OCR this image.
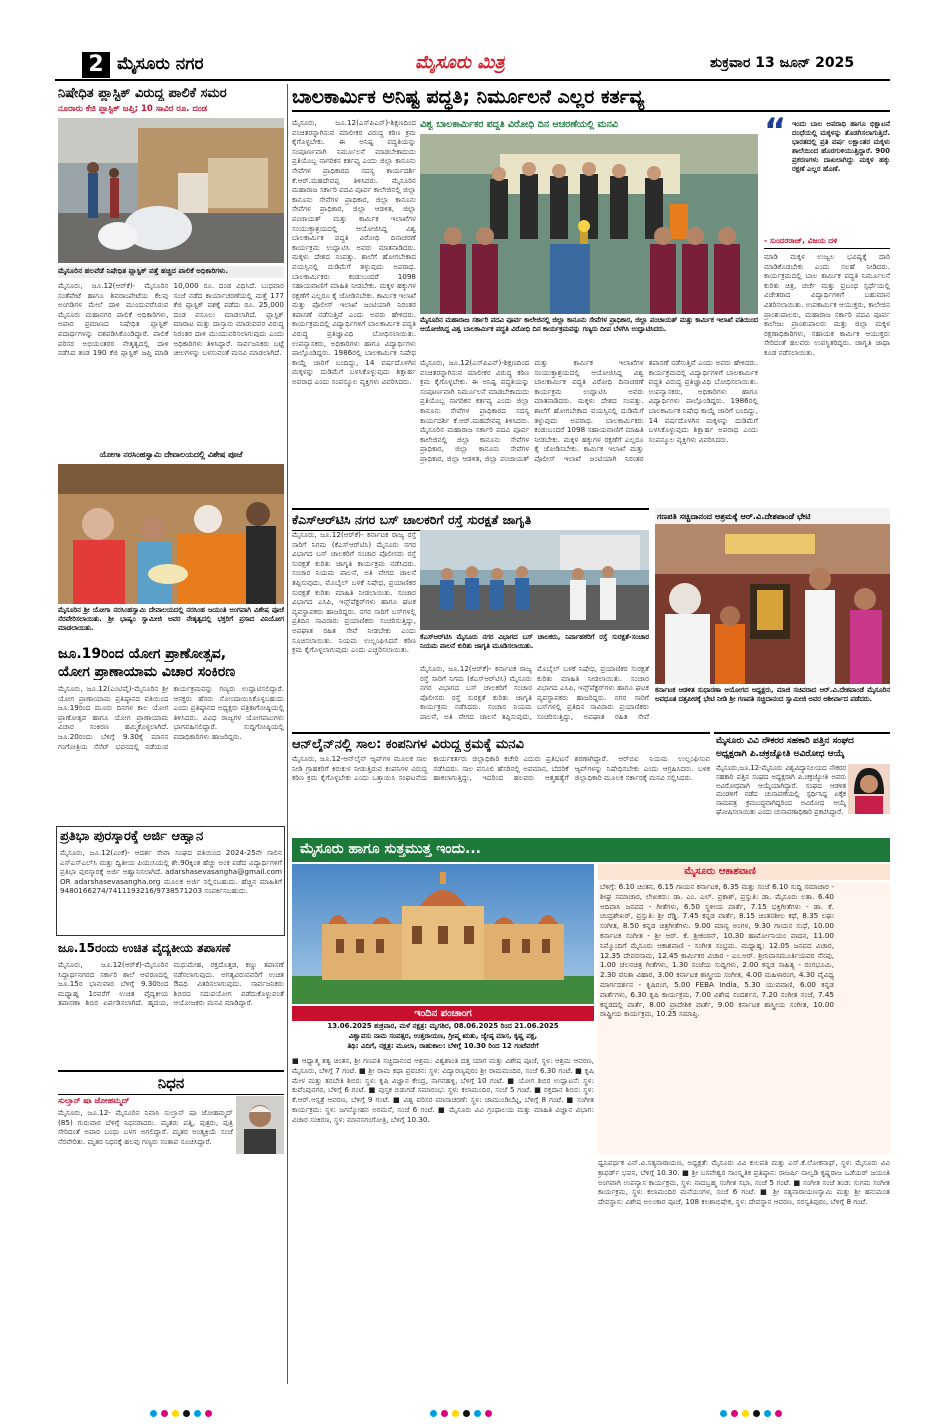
ಪುಟ 2 ಮೈಸೂರು ನಗರ	ಮೈಸೂರು ಮಿತ್ರ	ಶುಕ್ರವಾರ 13 ಜೂನ್ 2025
ನಿಷೇಧಿತ ಪ್ಲಾಸ್ಟಿಕ್ ವಿರುದ್ಧ ಪಾಲಿಕೆ ಸಮರ
ನೂರಾರು ಕೆಜಿ ಪ್ಲಾಸ್ಟಿಕ್ ಜಪ್ತಿ; 10 ಸಾವಿರ ರೂ. ದಂಡ
ಮೈಸೂರಿನ ಹಲವೆಡೆ ನಿಷೇಧಿತ ಪ್ಲಾಸ್ಟಿಕ್ ಪತ್ತೆ ಹಚ್ಚಿದ ಪಾಲಿಕೆ ಅಧಿಕಾರಿಗಳು.
ಮೈಸೂರು, ಜೂ.12(ಆರ್‌ಕೆ)- ಮೈಸೂರಿನ ಸಂತೆಪೇಟೆ ಹಾಗೂ ಶಿವರಾಂಪೇಟೆಯ ಕೆಲವು ಅಂಗಡಿಗಳ ಮೇಲೆ ದಾಳಿ ಮುಂದುವರೆಸಿರುವ ಮೈಸೂರು ಮಹಾನಗರ ಪಾಲಿಕೆ ಅಧಿಕಾರಿಗಳು, ಅಪಾರ ಪ್ರಮಾಣದ ನಿಷೇಧಿತ ಪ್ಲಾಸ್ಟಿಕ್ ಪದಾರ್ಥಗಳನ್ನು ವಶಪಡಿಸಿಕೊಂಡಿದ್ದಾರೆ. ಪಾಲಿಕೆ ಪರಿಸರ ಅಭಿಯಂತರರ ನೇತೃತ್ವದಲ್ಲಿ ದಾಳಿ ನಡೆಸಿದ ತಂಡ 190 ಕೆಜಿ ಪ್ಲಾಸ್ಟಿಕ್ ಜಪ್ತಿ ಮಾಡಿ 10,000 ರೂ. ದಂಡ ವಿಧಿಸಿದೆ. ಬುಧವಾರ ಸಂಜೆ ನಡೆದ ಕಾರ್ಯಾಚರಣೆಯಲ್ಲಿ ಮತ್ತೆ 177 ಕೆಜಿ ಪ್ಲಾಸ್ಟಿಕ್ ವಶಕ್ಕೆ ಪಡೆದು ರೂ. 25,000 ದಂಡ ವಸೂಲು ಮಾಡಲಾಗಿದೆ. ಪ್ಲಾಸ್ಟಿಕ್ ಮಾರಾಟ ಮತ್ತು ದಾಸ್ತಾನು ಮಾಡುವವರ ವಿರುದ್ಧ ನಿರಂತರ ದಾಳಿ ಮುಂದುವರಿಸಲಾಗುವುದು ಎಂದು ಅಧಿಕಾರಿಗಳು ತಿಳಿಸಿದ್ದಾರೆ. ಸಾರ್ವಜನಿಕರು ಬಟ್ಟೆ ಚೀಲಗಳನ್ನು ಬಳಸುವಂತೆ ಮನವಿ ಮಾಡಲಾಗಿದೆ.
ಯೋಗಾ ನರಸಿಂಹಸ್ವಾಮಿ ದೇವಾಲಯದಲ್ಲಿ ವಿಶೇಷ ಪೂಜೆ
ಮೈಸೂರಿನ ಶ್ರೀ ಯೋಗಾ ನರಸಿಂಹಸ್ವಾಮಿ ದೇವಾಲಯದಲ್ಲಿ ನರಸಿಂಹ ಜಯಂತಿ ಅಂಗವಾಗಿ ವಿಶೇಷ ಪೂಜೆ ನೆರವೇರಿಸಲಾಯಿತು. ಶ್ರೀ ಭಾಷ್ಯಂ ಸ್ವಾಮೀಜಿ ಅವರ ನೇತೃತ್ವದಲ್ಲಿ ಭಕ್ತರಿಗೆ ಪ್ರಸಾದ ವಿನಿಯೋಗ ಮಾಡಲಾಯಿತು.
ಜೂ.19ರಿಂದ ಯೋಗ ಪ್ರಾಣೋತ್ಸವ,
ಯೋಗ ಪ್ರಾಣಾಯಾಮ ವಿಚಾರ ಸಂಕಿರಣ
ಮೈಸೂರು, ಜೂ.12(ಎಂಟಿವೈ)-ಮೈಸೂರಿನ ಶ್ರೀ ಯೋಗ ಪ್ರಾಣಾಯಾಮ ಪ್ರತಿಷ್ಠಾನದ ವತಿಯಿಂದ ಜೂ.19ರಿಂದ ಮೂರು ದಿನಗಳ ಕಾಲ ಯೋಗ ಪ್ರಾಣೋತ್ಸವ ಹಾಗೂ ಯೋಗ ಪ್ರಾಣಾಯಾಮ ವಿಚಾರ ಸಂಕಿರಣ ಹಮ್ಮಿಕೊಳ್ಳಲಾಗಿದೆ. ಜೂ.20ರಂದು ಬೆಳಿಗ್ಗೆ 9.30ಕ್ಕೆ ಮಾನಸ ಗಂಗೋತ್ರಿಯ ಸೆನೆಟ್ ಭವನದಲ್ಲಿ ನಡೆಯುವ ಕಾರ್ಯಕ್ರಮವನ್ನು ಗಣ್ಯರು ಉದ್ಘಾಟಿಸಲಿದ್ದಾರೆ. ಆಸಕ್ತರು ಹೆಸರು ನೋಂದಾಯಿಸಿಕೊಳ್ಳಬಹುದು ಎಂದು ಪ್ರತಿಷ್ಠಾನದ ಅಧ್ಯಕ್ಷರು ಪತ್ರಿಕಾಗೋಷ್ಠಿಯಲ್ಲಿ ತಿಳಿಸಿದರು. ವಿವಿಧ ರಾಜ್ಯಗಳ ಯೋಗಪಟುಗಳು ಭಾಗವಹಿಸಲಿದ್ದಾರೆ. ಸುದ್ದಿಗೋಷ್ಠಿಯಲ್ಲಿ ಪದಾಧಿಕಾರಿಗಳು ಹಾಜರಿದ್ದರು.
ಪ್ರತಿಭಾ ಪುರಸ್ಕಾರಕ್ಕೆ ಅರ್ಜಿ ಆಹ್ವಾನ
ಮೈಸೂರು, ಜೂ.12(ಎಂಕೆ)- ಆದರ್ಶ ಸೇವಾ ಸಂಘದ ವತಿಯಿಂದ 2024-25ನೇ ಸಾಲಿನ ಎಸ್‌ಎಸ್‌ಎಲ್‌ಸಿ ಮತ್ತು ದ್ವಿತೀಯ ಪಿಯುಸಿಯಲ್ಲಿ ಶೇ.90ಕ್ಕಿಂತ ಹೆಚ್ಚು ಅಂಕ ಪಡೆದ ವಿದ್ಯಾರ್ಥಿಗಳಿಗೆ ಪ್ರತಿಭಾ ಪುರಸ್ಕಾರಕ್ಕೆ ಅರ್ಜಿ ಆಹ್ವಾನಿಸಲಾಗಿದೆ. adarshasevasangha@gmail.com OR adarshasevasangha.org ಮೂಲಕ ಅರ್ಜಿ ಸಲ್ಲಿಸಬಹುದು. ಹೆಚ್ಚಿನ ಮಾಹಿತಿಗೆ 9480166274/7411193216/9738571203 ಸಂಪರ್ಕಿಸಬಹುದು.
ಜೂ.15ರಂದು ಉಚಿತ ವೈದ್ಯಕೀಯ ತಪಾಸಣೆ
ಮೈಸೂರು, ಜೂ.12(ಆರ್‌ಕೆ)-ಮೈಸೂರಿನ ಸಿದ್ದಾರ್ಥನಗರದ ಸರ್ಕಾರಿ ಶಾಲೆ ಆವರಣದಲ್ಲಿ ಜೂ.15ರ ಭಾನುವಾರ ಬೆಳಿಗ್ಗೆ 9.30ರಿಂದ ಮಧ್ಯಾಹ್ನ 1ರವರೆಗೆ ಉಚಿತ ವೈದ್ಯಕೀಯ ತಪಾಸಣಾ ಶಿಬಿರ ಏರ್ಪಡಿಸಲಾಗಿದೆ. ಹೃದಯ, ಮಧುಮೇಹ, ರಕ್ತದೊತ್ತಡ, ಕಣ್ಣು ತಪಾಸಣೆ ನಡೆಸಲಾಗುವುದು. ಅಗತ್ಯವಿರುವವರಿಗೆ ಉಚಿತ ಔಷಧಿ ವಿತರಿಸಲಾಗುವುದು. ಸಾರ್ವಜನಿಕರು ಶಿಬಿರದ ಸದುಪಯೋಗ ಪಡೆದುಕೊಳ್ಳುವಂತೆ ಆಯೋಜಕರು ಮನವಿ ಮಾಡಿದ್ದಾರೆ.
ನಿಧನ
ಸುಲ್ತಾನ್ ಷಾ ಜೋಹಮ್ಮದ್
ಮೈಸೂರು, ಜೂ.12- ಮೈಸೂರಿನ ನಿವಾಸಿ ಸುಲ್ತಾನ್ ಷಾ ಜೋಹಮ್ಮದ್ (85) ಗುರುವಾರ ಬೆಳಿಗ್ಗೆ ನಿಧನರಾದರು. ಮೃತರು ಪತ್ನಿ, ಪುತ್ರರು, ಪುತ್ರಿ ಸೇರಿದಂತೆ ಅಪಾರ ಬಂಧು ಬಳಗ ಅಗಲಿದ್ದಾರೆ. ಮೃತರ ಅಂತ್ಯಕ್ರಿಯೆ ಸಂಜೆ ನೆರವೇರಿತು. ಮೃತರ ನಿಧನಕ್ಕೆ ಹಲವು ಗಣ್ಯರು ಸಂತಾಪ ಸೂಚಿಸಿದ್ದಾರೆ.
ಬಾಲಕಾರ್ಮಿಕ ಅನಿಷ್ಟ ಪದ್ಧತಿ; ನಿರ್ಮೂಲನೆ ಎಲ್ಲರ ಕರ್ತವ್ಯ
ಮೈಸೂರು, ಜೂ.12(ಎಸ್‌ಪಿಎನ್)-ಶಿಕ್ಷಣದಿಂದ ವಂಚಿತರನ್ನಾಗಿಸುವ ಮಾಲೀಕರ ವಿರುದ್ಧ ಕಠಿಣ ಕ್ರಮ ಕೈಗೊಳ್ಳಬೇಕು. ಈ ಅನಿಷ್ಟ ಪದ್ಧತಿಯನ್ನು ಸಂಪೂರ್ಣವಾಗಿ ನಿರ್ಮೂಲನೆ ಮಾಡಬೇಕಾದುದು ಪ್ರತಿಯೊಬ್ಬ ನಾಗರಿಕನ ಕರ್ತವ್ಯ ಎಂದು ಜಿಲ್ಲಾ ಕಾನೂನು ಸೇವೆಗಳ ಪ್ರಾಧಿಕಾರದ ಸದಸ್ಯ ಕಾರ್ಯದರ್ಶಿ ಕೆ.ಆರ್.ಮಹದೇವಪ್ಪ ತಿಳಿಸಿದರು. ಮೈಸೂರಿನ ಮಹಾರಾಜ ಸರ್ಕಾರಿ ಪದವಿ ಪೂರ್ವ ಕಾಲೇಜಿನಲ್ಲಿ ಜಿಲ್ಲಾ ಕಾನೂನು ಸೇವೆಗಳ ಪ್ರಾಧಿಕಾರ, ಜಿಲ್ಲಾ ಕಾನೂನು ಸೇವೆಗಳ ಪ್ರಾಧಿಕಾರ, ಜಿಲ್ಲಾ ಆಡಳಿತ, ಜಿಲ್ಲಾ ಪಂಚಾಯತ್ ಮತ್ತು ಕಾರ್ಮಿಕ ಇಲಾಖೆಗಳ ಸಂಯುಕ್ತಾಶ್ರಯದಲ್ಲಿ ಆಯೋಜಿಸಿದ್ದ ವಿಶ್ವ ಬಾಲಕಾರ್ಮಿಕ ಪದ್ಧತಿ ವಿರೋಧಿ ದಿನಾಚರಣೆ ಕಾರ್ಯಕ್ರಮ ಉದ್ಘಾಟಿಸಿ ಅವರು ಮಾತನಾಡಿದರು. ಮಕ್ಕಳು ದೇಶದ ಸಂಪತ್ತು. ಶಾಲೆಗೆ ಹೋಗಬೇಕಾದ ವಯಸ್ಸಿನಲ್ಲಿ ದುಡಿಮೆಗೆ ತಳ್ಳುವುದು ಅಪರಾಧ. ಬಾಲಕಾರ್ಮಿಕರು ಕಂಡುಬಂದರೆ 1098 ಸಹಾಯವಾಣಿಗೆ ಮಾಹಿತಿ ನೀಡಬೇಕು. ಮಕ್ಕಳ ಹಕ್ಕುಗಳ ರಕ್ಷಣೆಗೆ ಎಲ್ಲರೂ ಕೈ ಜೋಡಿಸಬೇಕು. ಕಾರ್ಮಿಕ ಇಲಾಖೆ ಮತ್ತು ಪೊಲೀಸ್ ಇಲಾಖೆ ಜಂಟಿಯಾಗಿ ನಿರಂತರ ತಪಾಸಣೆ ನಡೆಸುತ್ತಿವೆ ಎಂದು ಅವರು ಹೇಳಿದರು. ಕಾರ್ಯಕ್ರಮದಲ್ಲಿ ವಿದ್ಯಾರ್ಥಿಗಳಿಗೆ ಬಾಲಕಾರ್ಮಿಕ ಪದ್ಧತಿ ವಿರುದ್ಧ ಪ್ರತಿಜ್ಞಾವಿಧಿ ಬೋಧಿಸಲಾಯಿತು. ಉಪನ್ಯಾಸಕರು, ಅಧಿಕಾರಿಗಳು ಹಾಗೂ ವಿದ್ಯಾರ್ಥಿಗಳು ಪಾಲ್ಗೊಂಡಿದ್ದರು. 1986ರಲ್ಲಿ ಬಾಲಕಾರ್ಮಿಕ ನಿಷೇಧ ಕಾಯ್ದೆ ಜಾರಿಗೆ ಬಂದಿದ್ದು, 14 ವರ್ಷದೊಳಗಿನ ಮಕ್ಕಳನ್ನು ದುಡಿಮೆಗೆ ಬಳಸಿಕೊಳ್ಳುವುದು ಶಿಕ್ಷಾರ್ಹ ಅಪರಾಧ ಎಂದು ಸಂಪನ್ಮೂಲ ವ್ಯಕ್ತಿಗಳು ವಿವರಿಸಿದರು.
ವಿಶ್ವ ಬಾಲಕಾರ್ಮಿಕರ ಪದ್ಧತಿ ವಿರೋಧಿ ದಿನ ಆಚರಣೆಯಲ್ಲಿ ಮನವಿ
ಮೈಸೂರಿನ ಮಹಾರಾಜ ಸರ್ಕಾರಿ ಪದವಿ ಪೂರ್ವ ಕಾಲೇಜಿನಲ್ಲಿ ಜಿಲ್ಲಾ ಕಾನೂನು ಸೇವೆಗಳ ಪ್ರಾಧಿಕಾರ, ಜಿಲ್ಲಾ ಪಂಚಾಯತ್ ಮತ್ತು ಕಾರ್ಮಿಕ ಇಲಾಖೆ ವತಿಯಿಂದ ಆಯೋಜಿಸಿದ್ದ ವಿಶ್ವ ಬಾಲಕಾರ್ಮಿಕ ಪದ್ಧತಿ ವಿರೋಧಿ ದಿನ ಕಾರ್ಯಕ್ರಮವನ್ನು ಗಣ್ಯರು ದೀಪ ಬೆಳಗಿಸಿ ಉದ್ಘಾಟಿಸಿದರು.
ಮೈಸೂರು, ಜೂ.12(ಎಸ್‌ಪಿಎನ್)-ಶಿಕ್ಷಣದಿಂದ ವಂಚಿತರನ್ನಾಗಿಸುವ ಮಾಲೀಕರ ವಿರುದ್ಧ ಕಠಿಣ ಕ್ರಮ ಕೈಗೊಳ್ಳಬೇಕು. ಈ ಅನಿಷ್ಟ ಪದ್ಧತಿಯನ್ನು ಸಂಪೂರ್ಣವಾಗಿ ನಿರ್ಮೂಲನೆ ಮಾಡಬೇಕಾದುದು ಪ್ರತಿಯೊಬ್ಬ ನಾಗರಿಕನ ಕರ್ತವ್ಯ ಎಂದು ಜಿಲ್ಲಾ ಕಾನೂನು ಸೇವೆಗಳ ಪ್ರಾಧಿಕಾರದ ಸದಸ್ಯ ಕಾರ್ಯದರ್ಶಿ ಕೆ.ಆರ್.ಮಹದೇವಪ್ಪ ತಿಳಿಸಿದರು. ಮೈಸೂರಿನ ಮಹಾರಾಜ ಸರ್ಕಾರಿ ಪದವಿ ಪೂರ್ವ ಕಾಲೇಜಿನಲ್ಲಿ ಜಿಲ್ಲಾ ಕಾನೂನು ಸೇವೆಗಳ ಪ್ರಾಧಿಕಾರ, ಜಿಲ್ಲಾ ಕಾನೂನು ಸೇವೆಗಳ ಪ್ರಾಧಿಕಾರ, ಜಿಲ್ಲಾ ಆಡಳಿತ, ಜಿಲ್ಲಾ ಪಂಚಾಯತ್ ಮತ್ತು ಕಾರ್ಮಿಕ ಇಲಾಖೆಗಳ ಸಂಯುಕ್ತಾಶ್ರಯದಲ್ಲಿ ಆಯೋಜಿಸಿದ್ದ ವಿಶ್ವ ಬಾಲಕಾರ್ಮಿಕ ಪದ್ಧತಿ ವಿರೋಧಿ ದಿನಾಚರಣೆ ಕಾರ್ಯಕ್ರಮ ಉದ್ಘಾಟಿಸಿ ಅವರು ಮಾತನಾಡಿದರು. ಮಕ್ಕಳು ದೇಶದ ಸಂಪತ್ತು. ಶಾಲೆಗೆ ಹೋಗಬೇಕಾದ ವಯಸ್ಸಿನಲ್ಲಿ ದುಡಿಮೆಗೆ ತಳ್ಳುವುದು ಅಪರಾಧ. ಬಾಲಕಾರ್ಮಿಕರು ಕಂಡುಬಂದರೆ 1098 ಸಹಾಯವಾಣಿಗೆ ಮಾಹಿತಿ ನೀಡಬೇಕು. ಮಕ್ಕಳ ಹಕ್ಕುಗಳ ರಕ್ಷಣೆಗೆ ಎಲ್ಲರೂ ಕೈ ಜೋಡಿಸಬೇಕು. ಕಾರ್ಮಿಕ ಇಲಾಖೆ ಮತ್ತು ಪೊಲೀಸ್ ಇಲಾಖೆ ಜಂಟಿಯಾಗಿ ನಿರಂತರ ತಪಾಸಣೆ ನಡೆಸುತ್ತಿವೆ ಎಂದು ಅವರು ಹೇಳಿದರು. ಕಾರ್ಯಕ್ರಮದಲ್ಲಿ ವಿದ್ಯಾರ್ಥಿಗಳಿಗೆ ಬಾಲಕಾರ್ಮಿಕ ಪದ್ಧತಿ ವಿರುದ್ಧ ಪ್ರತಿಜ್ಞಾವಿಧಿ ಬೋಧಿಸಲಾಯಿತು. ಉಪನ್ಯಾಸಕರು, ಅಧಿಕಾರಿಗಳು ಹಾಗೂ ವಿದ್ಯಾರ್ಥಿಗಳು ಪಾಲ್ಗೊಂಡಿದ್ದರು. 1986ರಲ್ಲಿ ಬಾಲಕಾರ್ಮಿಕ ನಿಷೇಧ ಕಾಯ್ದೆ ಜಾರಿಗೆ ಬಂದಿದ್ದು, 14 ವರ್ಷದೊಳಗಿನ ಮಕ್ಕಳನ್ನು ದುಡಿಮೆಗೆ ಬಳಸಿಕೊಳ್ಳುವುದು ಶಿಕ್ಷಾರ್ಹ ಅಪರಾಧ ಎಂದು ಸಂಪನ್ಮೂಲ ವ್ಯಕ್ತಿಗಳು ವಿವರಿಸಿದರು.
“ ಇಂದು ಬಾಲ ಅಪರಾಧಿ ಹಾಗೂ ಭಿಕ್ಷಾಟನೆ ದಂಧೆಯಲ್ಲಿ ಮಕ್ಕಳನ್ನು ತೊಡಗಿಸಲಾಗುತ್ತಿದೆ. ಭಾರತದಲ್ಲಿ ಪ್ರತಿ ವರ್ಷ ಲಕ್ಷಾಂತರ ಮಕ್ಕಳು ಶಾಲೆಯಿಂದ ಹೊರಗುಳಿಯುತ್ತಿದ್ದಾರೆ. 900 ಪ್ರಕರಣಗಳು ದಾಖಲಾಗಿದ್ದು ಮಕ್ಕಳ ಹಕ್ಕು ರಕ್ಷಣೆ ಎಲ್ಲರ ಹೊಣೆ.
- ಸುಂದರರಾಜ್, ವಿಜಯ ದಳಿ
ಮಾಡಿ ಮಕ್ಕಳ ಉಜ್ವಲ ಭವಿಷ್ಯಕ್ಕೆ ದಾರಿ ಮಾಡಿಕೊಡಬೇಕು ಎಂದು ಸಲಹೆ ನೀಡಿದರು. ಕಾರ್ಯಕ್ರಮದಲ್ಲಿ ಬಾಲ ಕಾರ್ಮಿಕ ಪದ್ಧತಿ ನಿರ್ಮೂಲನೆ ಕುರಿತು ಚಿತ್ರ, ಚರ್ಚೆ ಮತ್ತು ಪ್ರಬಂಧ ಸ್ಪರ್ಧೆಯಲ್ಲಿ ವಿಜೇತರಾದ ವಿದ್ಯಾರ್ಥಿಗಳಿಗೆ ಬಹುಮಾನ ವಿತರಿಸಲಾಯಿತು. ಉಪಕಾರ್ಮಿಕ ಆಯುಕ್ತರು, ಕಾಲೇಜಿನ ಪ್ರಾಂಶುಪಾಲರು, ಮಹಾರಾಜ ಸರ್ಕಾರಿ ಪದವಿ ಪೂರ್ವ ಕಾಲೇಜು ಪ್ರಾಂಶುಪಾಲರು ಮತ್ತು ಜಿಲ್ಲಾ ಮಕ್ಕಳ ರಕ್ಷಣಾಧಿಕಾರಿಗಳು, ಸಹಾಯಕ ಕಾರ್ಮಿಕ ಆಯುಕ್ತರು ಸೇರಿದಂತೆ ಹಲವರು ಉಪಸ್ಥಿತರಿದ್ದರು. ಜಾಗೃತಿ ಜಾಥಾ ಕೂಡ ನಡೆಸಲಾಯಿತು.
ಕೆಎಸ್‌ಆರ್‌ಟಿಸಿ ನಗರ ಬಸ್ ಚಾಲಕರಿಗೆ ರಸ್ತೆ ಸುರಕ್ಷತೆ ಜಾಗೃತಿ
ಮೈಸೂರು, ಜೂ.12(ಆರ್‌ಕೆ)- ಕರ್ನಾಟಕ ರಾಜ್ಯ ರಸ್ತೆ ಸಾರಿಗೆ ನಿಗಮ (ಕೆಎಸ್‌ಆರ್‌ಟಿಸಿ) ಮೈಸೂರು ನಗರ ವಿಭಾಗದ ಬಸ್ ಚಾಲಕರಿಗೆ ಸಂಚಾರ ಪೊಲೀಸರು ರಸ್ತೆ ಸುರಕ್ಷತೆ ಕುರಿತು ಜಾಗೃತಿ ಕಾರ್ಯಕ್ರಮ ನಡೆಸಿದರು. ಸಂಚಾರ ನಿಯಮ ಪಾಲನೆ, ಅತಿ ವೇಗದ ಚಾಲನೆ ತಪ್ಪಿಸುವುದು, ಮೊಬೈಲ್ ಬಳಕೆ ನಿಷೇಧ, ಪ್ರಯಾಣಿಕರ ಸುರಕ್ಷತೆ ಕುರಿತು ಮಾಹಿತಿ ನೀಡಲಾಯಿತು. ಸಂಚಾರ ವಿಭಾಗದ ಎಸಿಪಿ, ಇನ್ಸ್‌ಪೆಕ್ಟರ್‌ಗಳು ಹಾಗೂ ಘಟಕ ವ್ಯವಸ್ಥಾಪಕರು ಹಾಜರಿದ್ದರು. ನಗರ ಸಾರಿಗೆ ಬಸ್‌ಗಳಲ್ಲಿ ಪ್ರತಿದಿನ ಸಾವಿರಾರು ಪ್ರಯಾಣಿಕರು ಸಂಚರಿಸುತ್ತಿದ್ದು, ಅಪಘಾತ ರಹಿತ ಸೇವೆ ನೀಡಬೇಕು ಎಂದು ಸೂಚಿಸಲಾಯಿತು. ನಿಯಮ ಉಲ್ಲಂಘಿಸಿದರೆ ಕಠಿಣ ಕ್ರಮ ಕೈಗೊಳ್ಳಲಾಗುವುದು ಎಂದು ಎಚ್ಚರಿಸಲಾಯಿತು.
ಕೆಎಸ್‌ಆರ್‌ಟಿಸಿ ಮೈಸೂರು ನಗರ ವಿಭಾಗದ ಬಸ್ ಚಾಲಕರು, ನಿರ್ವಾಹಕರಿಗೆ ರಸ್ತೆ ಸುರಕ್ಷತೆ-ಸಂಚಾರ ನಿಯಮ ಪಾಲನೆ ಕುರಿತು ಜಾಗೃತಿ ಮೂಡಿಸಲಾಯಿತು.
ಮೈಸೂರು, ಜೂ.12(ಆರ್‌ಕೆ)- ಕರ್ನಾಟಕ ರಾಜ್ಯ ರಸ್ತೆ ಸಾರಿಗೆ ನಿಗಮ (ಕೆಎಸ್‌ಆರ್‌ಟಿಸಿ) ಮೈಸೂರು ನಗರ ವಿಭಾಗದ ಬಸ್ ಚಾಲಕರಿಗೆ ಸಂಚಾರ ಪೊಲೀಸರು ರಸ್ತೆ ಸುರಕ್ಷತೆ ಕುರಿತು ಜಾಗೃತಿ ಕಾರ್ಯಕ್ರಮ ನಡೆಸಿದರು. ಸಂಚಾರ ನಿಯಮ ಪಾಲನೆ, ಅತಿ ವೇಗದ ಚಾಲನೆ ತಪ್ಪಿಸುವುದು, ಮೊಬೈಲ್ ಬಳಕೆ ನಿಷೇಧ, ಪ್ರಯಾಣಿಕರ ಸುರಕ್ಷತೆ ಕುರಿತು ಮಾಹಿತಿ ನೀಡಲಾಯಿತು. ಸಂಚಾರ ವಿಭಾಗದ ಎಸಿಪಿ, ಇನ್ಸ್‌ಪೆಕ್ಟರ್‌ಗಳು ಹಾಗೂ ಘಟಕ ವ್ಯವಸ್ಥಾಪಕರು ಹಾಜರಿದ್ದರು. ನಗರ ಸಾರಿಗೆ ಬಸ್‌ಗಳಲ್ಲಿ ಪ್ರತಿದಿನ ಸಾವಿರಾರು ಪ್ರಯಾಣಿಕರು ಸಂಚರಿಸುತ್ತಿದ್ದು, ಅಪಘಾತ ರಹಿತ ಸೇವೆ
ಗಣಪತಿ ಸಚ್ಚಿದಾನಂದ ಆಶ್ರಮಕ್ಕೆ ಆರ್.ವಿ.ದೇಶಪಾಂಡೆ ಭೇಟಿ
ಕರ್ನಾಟಕ ಆಡಳಿತ ಸುಧಾರಣಾ ಆಯೋಗದ ಅಧ್ಯಕ್ಷರು, ಮಾಜಿ ಸಚಿವರಾದ ಆರ್.ವಿ.ದೇಶಪಾಂಡೆ ಮೈಸೂರಿನ ಅವಧೂತ ದತ್ತಪೀಠಕ್ಕೆ ಭೇಟಿ ನೀಡಿ ಶ್ರೀ ಗಣಪತಿ ಸಚ್ಚಿದಾನಂದ ಸ್ವಾಮೀಜಿ ಅವರ ಆಶೀರ್ವಾದ ಪಡೆದರು.
ಆನ್‌ಲೈನ್‌ನಲ್ಲಿ ಸಾಲ: ಕಂಪನಿಗಳ ವಿರುದ್ಧ ಕ್ರಮಕ್ಕೆ ಮನವಿ
ಮೈಸೂರು, ಜೂ.12-ಆನ್‌ಲೈನ್ ಆ್ಯಪ್‌ಗಳ ಮೂಲಕ ಸಾಲ ನೀಡಿ ಗ್ರಾಹಕರಿಗೆ ಕಿರುಕುಳ ನೀಡುತ್ತಿರುವ ಕಂಪನಿಗಳ ವಿರುದ್ಧ ಕಠಿಣ ಕ್ರಮ ಕೈಗೊಳ್ಳಬೇಕು ಎಂದು ಒತ್ತಾಯಿಸಿ ಸಂಘಟನೆಯ ಕಾರ್ಯಕರ್ತರು ಜಿಲ್ಲಾಧಿಕಾರಿ ಕಚೇರಿ ಎದುರು ಪ್ರತಿಭಟನೆ ನಡೆಸಿದರು. ಸಾಲ ವಸೂಲಿ ಹೆಸರಿನಲ್ಲಿ ಅವಮಾನ, ಬೆದರಿಕೆ ಹಾಕಲಾಗುತ್ತಿದ್ದು, ಇದರಿಂದ ಹಲವರು ಆತ್ಮಹತ್ಯೆಗೆ ಶರಣಾಗಿದ್ದಾರೆ. ಆರ್‌ಬಿಐ ನಿಯಮ ಉಲ್ಲಂಘಿಸುವ ಆ್ಯಪ್‌ಗಳನ್ನು ನಿಷೇಧಿಸಬೇಕು ಎಂದು ಆಗ್ರಹಿಸಿದರು. ಬಳಿಕ ಜಿಲ್ಲಾಧಿಕಾರಿ ಮೂಲಕ ಸರ್ಕಾರಕ್ಕೆ ಮನವಿ ಸಲ್ಲಿಸಿದರು.
ಮೈಸೂರು ವಿವಿ ನೌಕರರ ಸಹಕಾರಿ ಪತ್ತಿನ ಸಂಘದ
ಅಧ್ಯಕ್ಷರಾಗಿ ಪಿ.ಚಕ್ರಜ್ಯೋತಿ ಅವಿರೋಧ ಆಯ್ಕೆ
ಮೈಸೂರು,ಜೂ.12-ಮೈಸೂರು ವಿಶ್ವವಿದ್ಯಾನಿಲಯದ ನೌಕರರ ಸಹಕಾರಿ ಪತ್ತಿನ ಸಂಘದ ಅಧ್ಯಕ್ಷರಾಗಿ ಪಿ.ಚಕ್ರಜ್ಯೋತಿ ಅವರು ಅವಿರೋಧವಾಗಿ ಆಯ್ಕೆಯಾಗಿದ್ದಾರೆ. ಸಂಘದ ಆಡಳಿತ ಮಂಡಳಿಗೆ ನಡೆದ ಚುನಾವಣೆಯಲ್ಲಿ ಸ್ಪರ್ಧಿಸಿದ್ದ ಏಕೈಕ ನಾಮಪತ್ರ ಕ್ರಮಬದ್ಧವಾಗಿದ್ದರಿಂದ ಅವಿರೋಧ ಆಯ್ಕೆ ಘೋಷಿಸಲಾಯಿತು ಎಂದು ಚುನಾವಣಾಧಿಕಾರಿ ಪ್ರಕಟಿಸಿದ್ದಾರೆ.
ಮೈಸೂರು ಹಾಗೂ ಸುತ್ತಮುತ್ತ ಇಂದು...
ಇಂದಿನ ಪಂಚಾಂಗ
13.06.2025 ಶುಕ್ರವಾರ, ಮಳೆ ನಕ್ಷತ್ರ: ಮೃಗಶಿರ, 08.06.2025 ರಿಂದ 21.06.2025
ವಿಶ್ವಾವಸು ನಾಮ ಸಂವತ್ಸರ, ಉತ್ತರಾಯಣ, ಗ್ರೀಷ್ಮ ಋತು, ಜ್ಯೇಷ್ಠ ಮಾಸ, ಕೃಷ್ಣ ಪಕ್ಷ,
ತಿಥಿ: ವಿದಿಗೆ, ನಕ್ಷತ್ರ: ಮೂಲಾ, ರಾಹುಕಾಲ: ಬೆಳಿಗ್ಗೆ 10.30 ರಿಂದ 12 ಗಂಟೆವರೆಗೆ
ಮೈಸೂರು ಆಕಾಶವಾಣಿ
ಬೆಳಿಗ್ಗೆ: 6.10 ಚಿಂತನ, 6.15 ಗಾಯನ ಕರ್ನಾಟಕ, 6.35 ಮತ್ತು ಸಂಜೆ 6.10 ಸುದ್ದಿ ಸಮಾಚಾರ - ಶೀಘ್ರ ಸಮಾಚಾರ, ಲೇಖಕರು: ಡಾ. ಎಂ. ಎಲ್. ಪ್ರಕಾಶ್, ಪ್ರಸ್ತುತಿ: ಡಾ. ಮೈಸೂರು ಲತಾ. 6.40 ಆದಿವಾಸಿ ಜನಪದ - ಗೀತೆಗಳು, 6.50 ಸ್ಥಳೀಯ ವಾರ್ತೆ, 7.15 ಭಕ್ತಿಗೀತೆಗಳು - ಡಾ. ಕೆ. ಚಂದ್ರಶೇಖರ್, ಪ್ರಸ್ತುತಿ: ಶ್ರೀ ರೆಡ್ಡಿ. 7.45 ಕನ್ನಡ ವಾರ್ತೆ, 8.15 ಚಿಂತನಶೀಲ ಕಥೆ, 8.35 ಲಘು ಸಂಗೀತ, 8.50 ಕನ್ನಡ ಚಿತ್ರಗೀತೆಗಳು. 9.00 ಮಾನ್ಯ ಅಂಗಳ, 9.30 ಗಾಯನ ಸುಧೆ, 10.00 ಕರ್ನಾಟಕ ಸಂಗೀತ - ಶ್ರೀ ಆರ್. ಕೆ. ಶ್ರೀಕಂಠನ್, 10.30 ಹಾರ್ಮೋನಿಯಂ ವಾದನ, 11.00 ನಿಮ್ಮೊಂದಿಗೆ ಮೈಸೂರು ಆಕಾಶವಾಣಿ - ಸಂಗೀತ ಸಂಭ್ರಮ. ಮಧ್ಯಾಹ್ನ: 12.05 ಜನಪದ ವಿಚಾರ, 12.35 ದೇವರನಾಮ, 12.45 ಕಾರ್ಮಿಕರ ವಿಚಾರ - ಎಂ.ಆರ್. ಶ್ರೀನಿವಾಸಮೂರ್ತಿಯವರ ನೆನಪು, 1.00 ಚಲನಚಿತ್ರ ಗೀತೆಗಳು, 1.30 ಸಂಜೆಯ ಸುದ್ದಿಗಳು, 2.00 ಕನ್ನಡ ಸಾಹಿತ್ಯ - ರಂಗಭೂಮಿ, 2.30 ವನಿತಾ ವಿಹಾರ, 3.00 ಕರ್ನಾಟಕ ಶಾಸ್ತ್ರೀಯ ಸಂಗೀತ, 4.00 ಮಹಿಳಾರಂಗ, 4.30 ವೈವಿಧ್ಯ ಮಾರ್ಗದರ್ಶನ - ಕೃಷಿರಂಗ, 5.00 FEBA India, 5.30 ಯುವವಾಣಿ, 6.00 ಕನ್ನಡ ವಾರ್ತೆಗಳು, 6.30 ಕೃಷಿ ಕಾರ್ಯಕ್ರಮ, 7.00 ವಿಶೇಷ ಸಂದರ್ಶನ, 7.20 ಸಂಗೀತ ಸಂಜೆ, 7.45 ಕನ್ನಡದಲ್ಲಿ ವಾರ್ತೆ, 8.00 ಪ್ರಾದೇಶಿಕ ವಾರ್ತೆ, 9.00 ಕರ್ನಾಟಕ ಶಾಸ್ತ್ರೀಯ ಸಂಗೀತ, 10.00 ರಾಷ್ಟ್ರೀಯ ಕಾರ್ಯಕ್ರಮ, 10.25 ಸಮಾಪ್ತಿ.
■ ಆಧ್ಯಾತ್ಮ ತತ್ವ ಚಿಂತನ, ಶ್ರೀ ಗಣಪತಿ ಸಚ್ಚಿದಾನಂದ ಆಶ್ರಮ: ವಿಶ್ವಶಾಂತಿ ದತ್ತ ಯಾಗ ಮತ್ತು ವಿಶೇಷ ಪೂಜೆ, ಸ್ಥಳ: ಆಶ್ರಮ ಆವರಣ, ಮೈಸೂರು, ಬೆಳಿಗ್ಗೆ 7 ಗಂಟೆ. ■ ಶ್ರೀ ರಾಮ ಕಥಾ ಪ್ರವಚನ: ಸ್ಥಳ: ವಿದ್ಯಾರಣ್ಯಪುರಂ ಶ್ರೀ ರಾಮಮಂದಿರ, ಸಂಜೆ 6.30 ಗಂಟೆ. ■ ಕೃಷಿ ಮೇಳ ಮತ್ತು ತರಬೇತಿ ಶಿಬಿರ: ಸ್ಥಳ: ಕೃಷಿ ವಿಜ್ಞಾನ ಕೇಂದ್ರ, ನಾಗನಹಳ್ಳಿ, ಬೆಳಿಗ್ಗೆ 10 ಗಂಟೆ. ■ ಯೋಗ ಶಿಬಿರ ಉದ್ಘಾಟನೆ: ಸ್ಥಳ: ಕುವೆಂಪುನಗರ, ಬೆಳಿಗ್ಗೆ 6 ಗಂಟೆ. ■ ಪುಸ್ತಕ ಬಿಡುಗಡೆ ಸಮಾರಂಭ: ಸ್ಥಳ: ಕಲಾಮಂದಿರ, ಸಂಜೆ 5 ಗಂಟೆ. ■ ರಕ್ತದಾನ ಶಿಬಿರ: ಸ್ಥಳ: ಕೆ.ಆರ್.ಆಸ್ಪತ್ರೆ ಆವರಣ, ಬೆಳಿಗ್ಗೆ 9 ಗಂಟೆ. ■ ವಿಶ್ವ ಪರಿಸರ ಮಾಸಾಚರಣೆ: ಸ್ಥಳ: ಚಾಮುಂಡಿಬೆಟ್ಟ, ಬೆಳಿಗ್ಗೆ 8 ಗಂಟೆ. ■ ಸಂಗೀತ ಕಾರ್ಯಕ್ರಮ: ಸ್ಥಳ: ಜಗನ್ಮೋಹನ ಅರಮನೆ, ಸಂಜೆ 6 ಗಂಟೆ. ■ ಮೈಸೂರು ವಿವಿ ಗ್ರಂಥಾಲಯ ಮತ್ತು ಮಾಹಿತಿ ವಿಜ್ಞಾನ ವಿಭಾಗ: ವಿಚಾರ ಸಂಕಿರಣ, ಸ್ಥಳ: ಮಾನಸಗಂಗೋತ್ರಿ, ಬೆಳಿಗ್ಗೆ 10.30.
ಧ್ವನಿವರ್ಧಕ ಎನ್.ವಿ.ಸತ್ಯನಾರಾಯಣ, ಅಧ್ಯಕ್ಷತೆ: ಮೈಸೂರು ವಿವಿ ಕುಲಪತಿ ಮತ್ತು ಎಸ್.ಕೆ.ಲೋಕನಾಥ್, ಸ್ಥಳ: ಮೈಸೂರು ವಿವಿ ಕ್ರಾಫರ್ಡ್ ಭವನ, ಬೆಳಿಗ್ಗೆ 10.30. ■ ಶ್ರೀ ಬಸವೇಶ್ವರ ಸಾಂಸ್ಕೃತಿಕ ಪ್ರತಿಷ್ಠಾನ: ರಾಜರ್ಷಿ ನಾಲ್ವಡಿ ಕೃಷ್ಣರಾಜ ಒಡೆಯರ್ ಜಯಂತಿ ಅಂಗವಾಗಿ ಉಪನ್ಯಾಸ ಕಾರ್ಯಕ್ರಮ, ಸ್ಥಳ: ನಾದಬ್ರಹ್ಮ ಸಂಗೀತ ಸಭಾ, ಸಂಜೆ 5 ಗಂಟೆ. ■ ಸಂಗೀತ ಸಂಜೆ ತಂಡ: ಸುಗಮ ಸಂಗೀತ ಕಾರ್ಯಕ್ರಮ, ಸ್ಥಳ: ಕಲಾಮಂದಿರ ಮನೆಯಂಗಳ, ಸಂಜೆ 6 ಗಂಟೆ. ■ ಶ್ರೀ ಸತ್ಯನಾರಾಯಣಸ್ವಾಮಿ ಮತ್ತು ಶ್ರೀ ಹನುಮಂತ ದೇವಸ್ಥಾನ: ವಿಶೇಷ ಅಲಂಕಾರ ಪೂಜೆ, 108 ಕಲಶಾಭಿಷೇಕ, ಸ್ಥಳ: ದೇವಸ್ಥಾನ ಆವರಣ, ಸರಸ್ವತಿಪುರಂ, ಬೆಳಿಗ್ಗೆ 8 ಗಂಟೆ.
